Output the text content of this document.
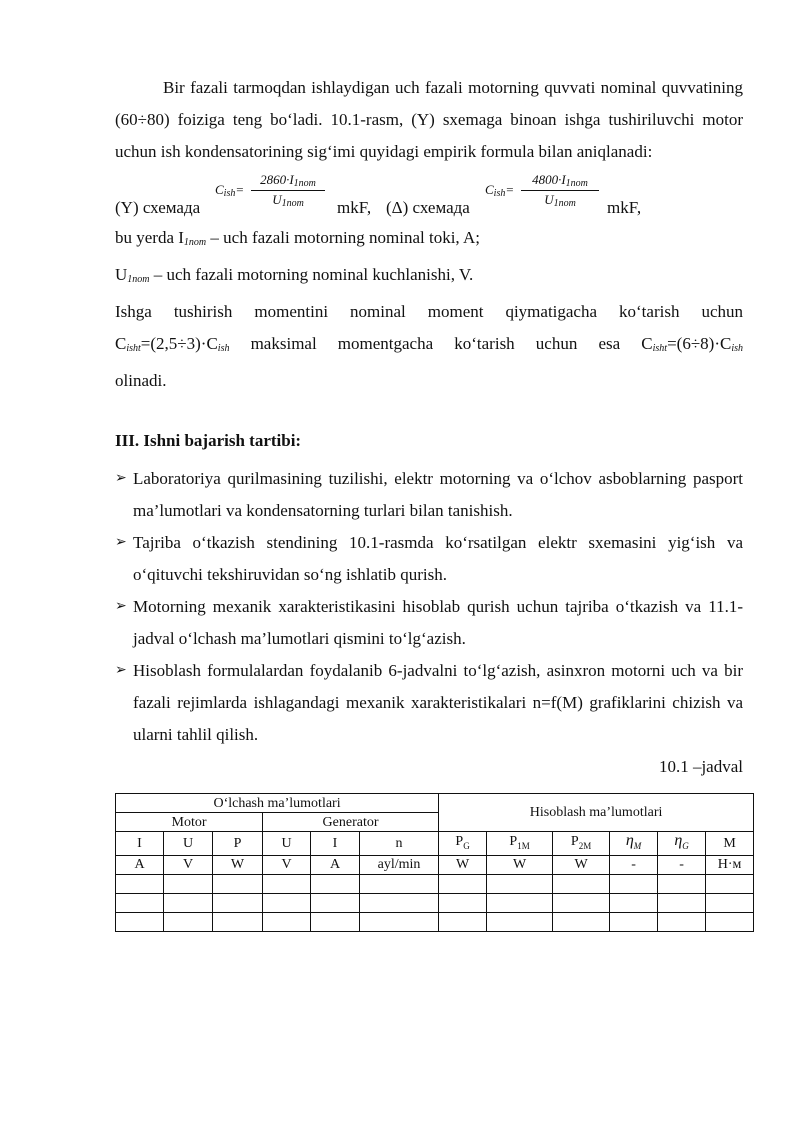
Bir fazali tarmoqdan ishlaydigan uch fazali motorning quvvati nominal quvvatining (60÷80) foiziga teng bo‘ladi. 10.1-rasm, (Y) sxemaga binoan ishga tushiriluvchi motor uchun ish kondensatorining sig‘imi quyidagi empirik formula bilan aniqlanadi:

(Y) схемада
$C_{ish}=$
$2860\cdot I_{1nom}$
$U_{1nom}$	mkF, (Δ) схемада
$C_{ish}=$
$4800\cdot I_{1nom}$
$U_{1nom}$	mkF,

bu yerda $I_{1nom}$ – uch fazali motorning nominal toki, A;

$U_{1nom}$ – uch fazali motorning nominal kuchlanishi, V.

Ishga tushirish momentini nominal moment qiymatigacha ko‘tarish uchun

$C_{isht}=(2,5\div 3)\cdot C_{ish}$ maksimal momentgacha ko‘tarish uchun esa $C_{isht}=(6\div 8)\cdot C_{ish}$

olinadi.

III. Ishni bajarish tartibi:
➢ Laboratoriya qurilmasining tuzilishi, elektr motorning va o‘lchov asboblarning pasport ma’lumotlari va kondensatorning turlari bilan tanishish.
➢ Tajriba o‘tkazish stendining 10.1-rasmda ko‘rsatilgan elektr sxemasini yig‘ish va o‘qituvchi tekshiruvidan so‘ng ishlatib qurish.
➢ Motorning mexanik xarakteristikasini hisoblab qurish uchun tajriba o‘tkazish va 11.1-jadval o‘lchash ma’lumotlari qismini to‘lg‘azish.
➢ Hisoblash formulalardan foydalanib 6-jadvalni to‘lg‘azish, asinxron motorni uch va bir fazali rejimlarda ishlagandagi mexanik xarakteristikalari n=f(M) grafiklarini chizish va ularni tahlil qilish.

10.1 –jadval

O‘lchash ma’lumotlari						Hisoblash ma’lumotlari					
Motor			Generator								
I	U	P	U	I	n	$P_G$	$P_{1M}$	$P_{2M}$	$\eta_M$	$\eta_G$	M
A	V	W	V	A	ayl/min	W	W	W	-	-	H·м
